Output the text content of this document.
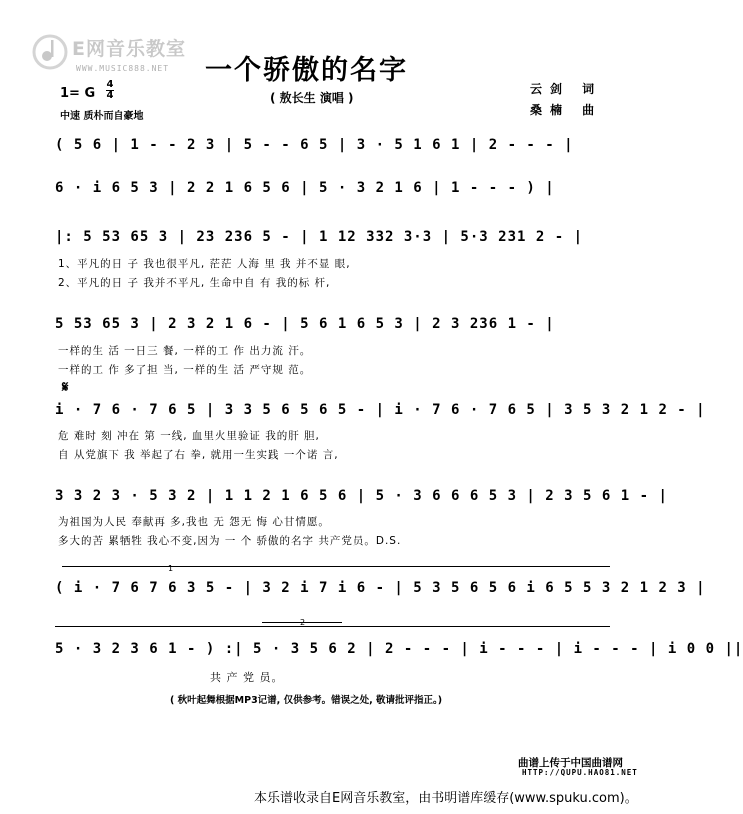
E网音乐教室
WWW.MUSIC888.NET 一个骄傲的名字
( 敖长生 演唱 )
云剑 词
桑楠 曲
1= G
4
4
中速 质朴而自豪地
( 5 6 | 1 - - 2 3 | 5 - - 6 5 | 3 · 5 1 6 1 | 2 - - - |
6 · i 6 5 3 | 2 2 1 6 5 6 | 5 · 3 2 1 6 | 1 - - - ) |
|: 5 53 65 3 | 23 236 5 - | 1 12 332 3·3 | 5·3 231 2 - |
1、平凡的日 子 我也很平凡, 茫茫 人海 里 我 并不显 眼,
2、平凡的日 子 我并不平凡, 生命中自 有 我的标 杆,
5 53 65 3 | 2 3 2 1 6 - | 5 6 1 6 5 3 | 2 3 236 1 - |
一样的生 活 一日三 餐, 一样的工 作 出力流 汗。
一样的工 作 多了担 当, 一样的生 活 严守规 范。
𝄋
i · 7 6 · 7 6 5 | 3 3 5 6 5 6 5 - | i · 7 6 · 7 6 5 | 3 5 3 2 1 2 - |
危 难时 刻 冲在 第 一线, 血里火里验证 我的肝 胆,
自 从党旗下 我 举起了右 拳, 就用一生实践 一个诺 言,
3 3 2 3 · 5 3 2 | 1 1 2 1 6 5 6 | 5 · 3 6 6 6 5 3 | 2 3 5 6 1 - |
为祖国为人民 奉献再 多,我也 无 怨无 悔 心甘情愿。
多大的苦 累牺牲 我心不变,因为 一 个 骄傲的名字 共产党员。D.S.
1
( i · 7 6 7 6 3 5 - | 3 2 i 7 i 6 - | 5 3 5 6 5 6 i 6 5 5 3 2 1 2 3 |
2
5 · 3 2 3 6 1 - ) :| 5 · 3 5 6 2 | 2 - - - | i - - - | i - - - | i 0 0 ||
共 产 党 员。
( 秋叶起舞根据MP3记谱, 仅供参考。错误之处, 敬请批评指正。)
曲谱上传于中国曲谱网
HTTP://QUPU.HAO81.NET
本乐谱收录自E网音乐教室，由书明谱库缓存(www.spuku.com)。
